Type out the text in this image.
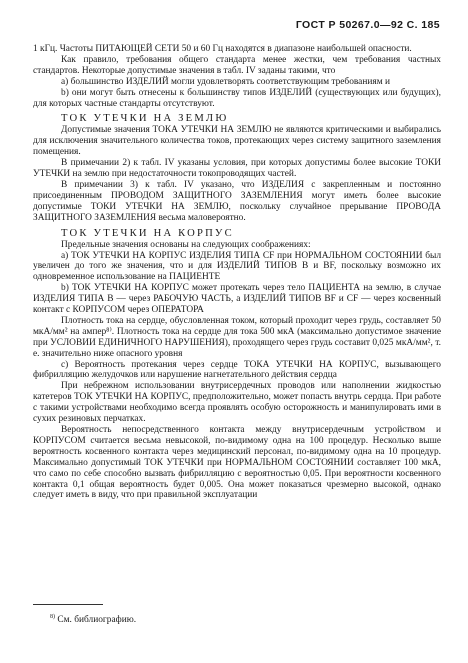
ГОСТ Р 50267.0—92 С. 185

1 кГц. Частоты ПИТАЮЩЕЙ СЕТИ 50 и 60 Гц находятся в диапазоне наибольшей опасности.

Как правило, требования общего стандарта менее жестки, чем требования частных стандартов. Некоторые допустимые значения в табл. IV заданы такими, что

а) большинство ИЗДЕЛИЙ могли удовлетворять соответствующим требованиям и

b) они могут быть отнесены к большинству типов ИЗДЕЛИЙ (существующих или будущих), для которых частные стандарты отсутствуют.

ТОК УТЕЧКИ НА ЗЕМЛЮ

Допустимые значения ТОКА УТЕЧКИ НА ЗЕМЛЮ не являются критическими и выбирались для исключения значительного количества токов, протекающих через систему защитного заземления помещения.

В примечании 2) к табл. IV указаны условия, при которых допустимы более высокие ТОКИ УТЕЧКИ на землю при недостаточности токопроводящих частей.

В примечании 3) к табл. IV указано, что ИЗДЕЛИЯ с закрепленным и постоянно присоединенным ПРОВОДОМ ЗАЩИТНОГО ЗАЗЕМЛЕНИЯ могут иметь более высокие допустимые ТОКИ УТЕЧКИ НА ЗЕМЛЮ, поскольку случайное прерывание ПРОВОДА ЗАЩИТНОГО ЗАЗЕМЛЕНИЯ весьма маловероятно.

ТОК УТЕЧКИ НА КОРПУС

Предельные значения основаны на следующих соображениях:

а) ТОК УТЕЧКИ НА КОРПУС ИЗДЕЛИЯ ТИПА CF при НОРМАЛЬНОМ СОСТОЯНИИ был увеличен до того же значения, что и для ИЗДЕЛИЙ ТИПОВ В и BF, поскольку возможно их одновременное использование на ПАЦИЕНТЕ

b) ТОК УТЕЧКИ НА КОРПУС может протекать через тело ПАЦИЕНТА на землю, в случае ИЗДЕЛИЯ ТИПА В — через РАБОЧУЮ ЧАСТЬ, а ИЗДЕЛИЙ ТИПОВ BF и CF — через косвенный контакт с КОРПУСОМ через ОПЕРАТОРА

Плотность тока на сердце, обусловленная током, который проходит через грудь, составляет 50 мкА/мм² на ампер⁸⁾. Плотность тока на сердце для тока 500 мкА (максимально допустимое значение при УСЛОВИИ ЕДИНИЧНОГО НАРУШЕНИЯ), проходящего через грудь составит 0,025 мкА/мм², т. е. значительно ниже опасного уровня

с) Вероятность протекания через сердце ТОКА УТЕЧКИ НА КОРПУС, вызывающего фибрилляцию желудочков или нарушение нагнетательного действия сердца

При небрежном использовании внутрисердечных проводов или наполнении жидкостью катетеров ТОК УТЕЧКИ НА КОРПУС, предположительно, может попасть внутрь сердца. При работе с такими устройствами необходимо всегда проявлять особую осторожность и манипулировать ими в сухих резиновых перчатках.

Вероятность непосредственного контакта между внутрисердечным устройством и КОРПУСОМ считается весьма невысокой, по-видимому одна на 100 процедур. Несколько выше вероятность косвенного контакта через медицинский персонал, по-видимому одна на 10 процедур. Максимально допустимый ТОК УТЕЧКИ при НОРМАЛЬНОМ СОСТОЯНИИ составляет 100 мкА, что само по себе способно вызвать фибрилляцию с вероятностью 0,05. При вероятности косвенного контакта 0,1 общая вероятность будет 0,005. Она может показаться чрезмерно высокой, однако следует иметь в виду, что при правильной эксплуатации

$^{8)}$ См. библиографию.
